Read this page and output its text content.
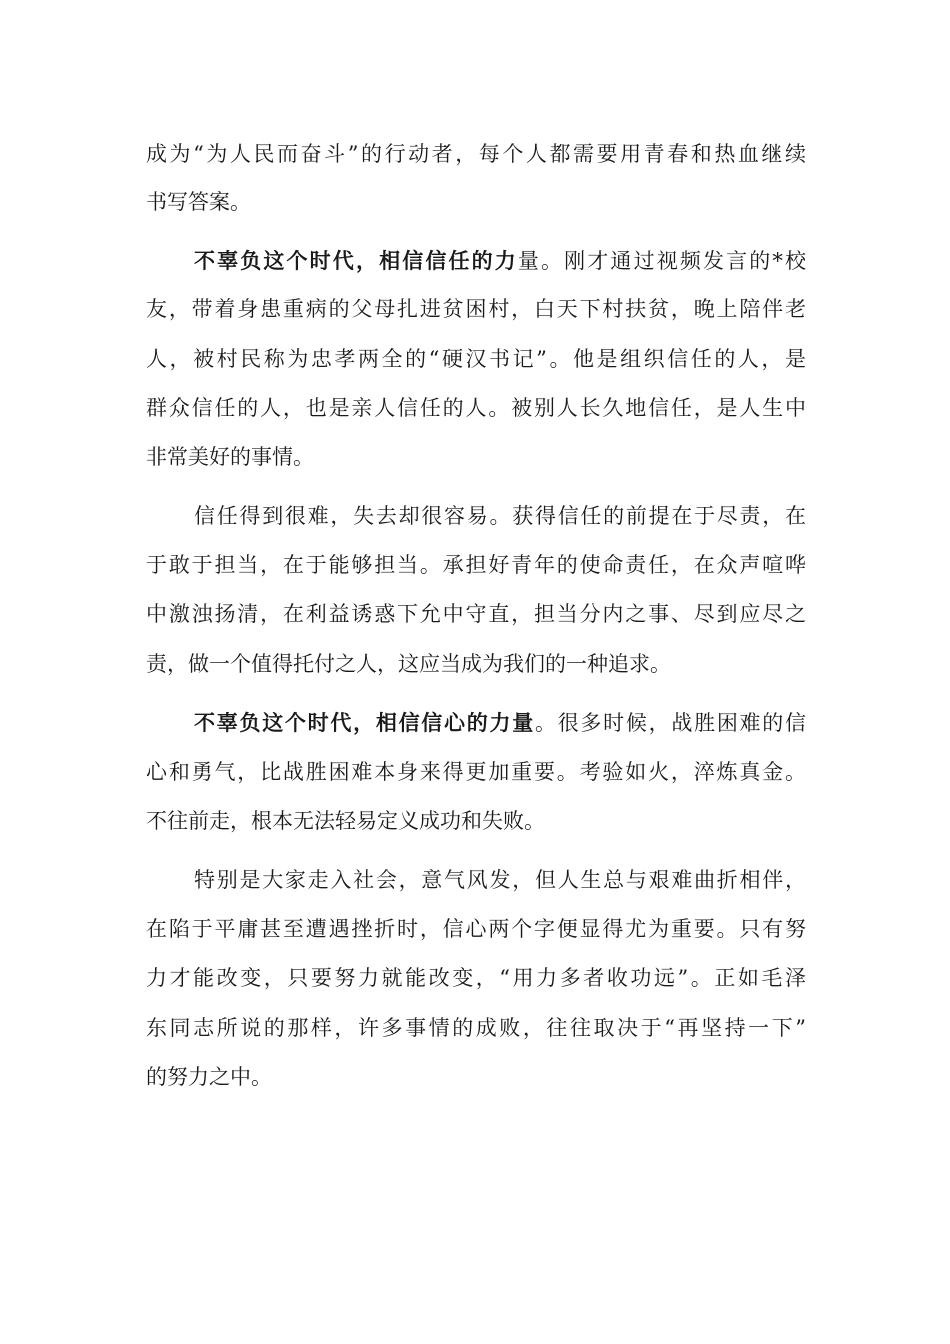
成为“为人民而奋斗”的行动者，每个人都需要用青春和热血继续
书写答案。
不辜负这个时代，相信信任的力量。刚才通过视频发言的*校
友，带着身患重病的父母扎进贫困村，白天下村扶贫，晚上陪伴老
人，被村民称为忠孝两全的“硬汉书记”。他是组织信任的人，是
群众信任的人，也是亲人信任的人。被别人长久地信任，是人生中
非常美好的事情。
信任得到很难，失去却很容易。获得信任的前提在于尽责，在
于敢于担当，在于能够担当。承担好青年的使命责任，在众声喧哗
中激浊扬清，在利益诱惑下允中守直，担当分内之事、尽到应尽之
责，做一个值得托付之人，这应当成为我们的一种追求。
不辜负这个时代，相信信心的力量。很多时候，战胜困难的信
心和勇气，比战胜困难本身来得更加重要。考验如火，淬炼真金。
不往前走，根本无法轻易定义成功和失败。
特别是大家走入社会，意气风发，但人生总与艰难曲折相伴，
在陷于平庸甚至遭遇挫折时，信心两个字便显得尤为重要。只有努
力才能改变，只要努力就能改变，“用力多者收功远”。正如毛泽
东同志所说的那样，许多事情的成败，往往取决于“再坚持一下”
的努力之中。
